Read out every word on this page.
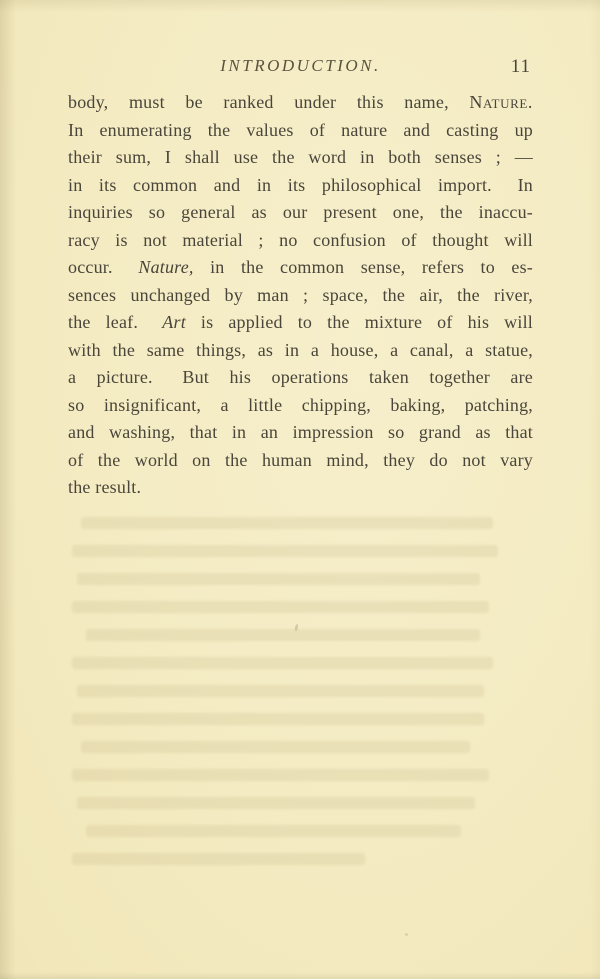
INTRODUCTION.	11
body, must be ranked under this name, Nature.
In enumerating the values of nature and casting up
their sum, I shall use the word in both senses ; —
in its common and in its philosophical import.  In
inquiries so general as our present one, the inaccu-
racy is not material ; no confusion of thought will
occur.  Nature, in the common sense, refers to es-
sences unchanged by man ; space, the air, the river,
the leaf.  Art is applied to the mixture of his will
with the same things, as in a house, a canal, a statue,
a picture.  But his operations taken together are
so insignificant, a little chipping, baking, patching,
and washing, that in an impression so grand as that
of the world on the human mind, they do not vary
the result.
